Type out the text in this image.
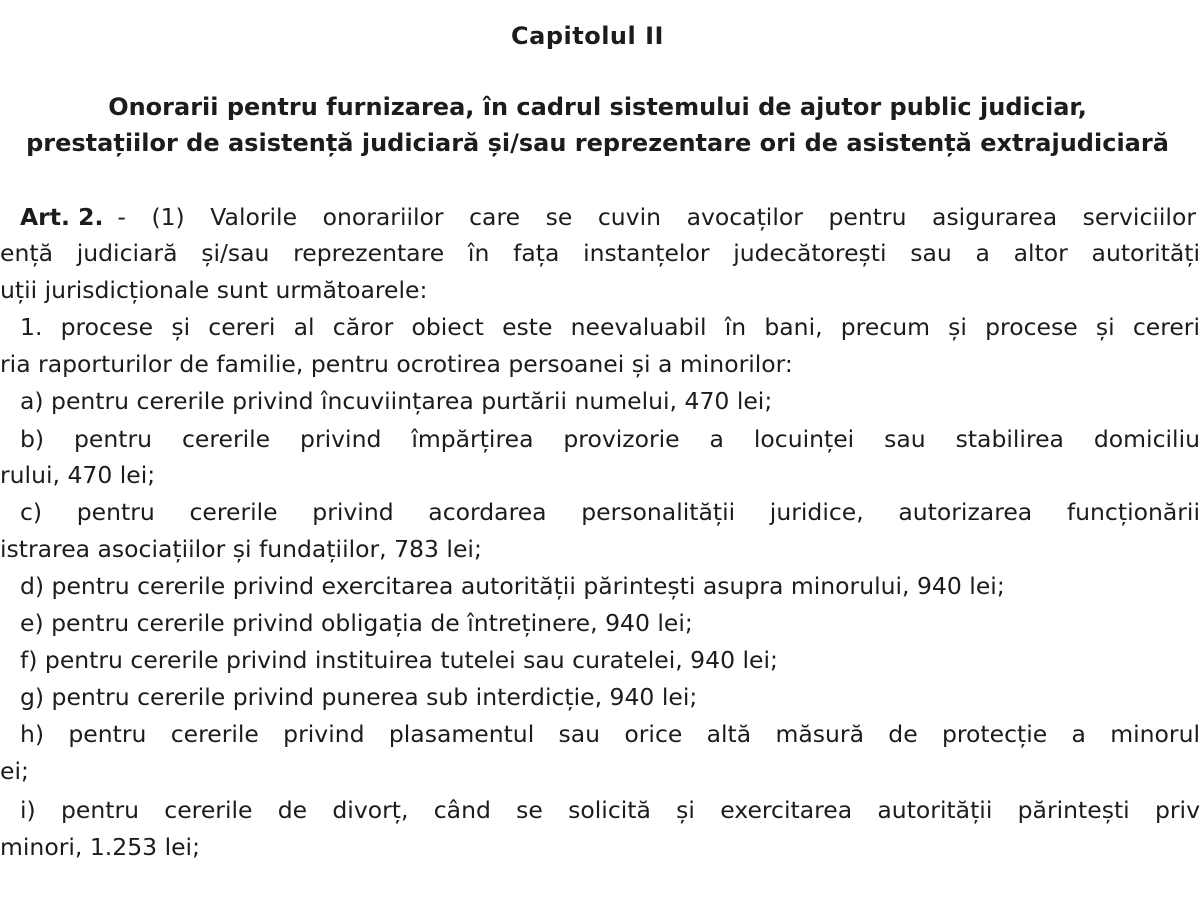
Capitolul II
Onorarii pentru furnizarea, în cadrul sistemului de ajutor public judiciar,
prestațiilor de asistență judiciară și/sau reprezentare ori de asistență extrajudiciară
Art. 2. - (1) Valorile onorariilor care se cuvin avocaților pentru asigurarea serviciilor
ență judiciară și/sau reprezentare în fața instanțelor judecătorești sau a altor autorități
uții jurisdicționale sunt următoarele:
1. procese și cereri al căror obiect este neevaluabil în bani, precum și procese și cereri
ria raporturilor de familie, pentru ocrotirea persoanei și a minorilor:
a) pentru cererile privind încuviințarea purtării numelui, 470 lei;
b) pentru cererile privind împărțirea provizorie a locuinței sau stabilirea domiciliu
rului, 470 lei;
c) pentru cererile privind acordarea personalității juridice, autorizarea funcționării
istrarea asociațiilor și fundațiilor, 783 lei;
d) pentru cererile privind exercitarea autorității părintești asupra minorului, 940 lei;
e) pentru cererile privind obligația de întreținere, 940 lei;
f) pentru cererile privind instituirea tutelei sau curatelei, 940 lei;
g) pentru cererile privind punerea sub interdicție, 940 lei;
h) pentru cererile privind plasamentul sau orice altă măsură de protecție a minorul
ei;
i) pentru cererile de divorț, când se solicită și exercitarea autorității părintești priv
minori, 1.253 lei;
